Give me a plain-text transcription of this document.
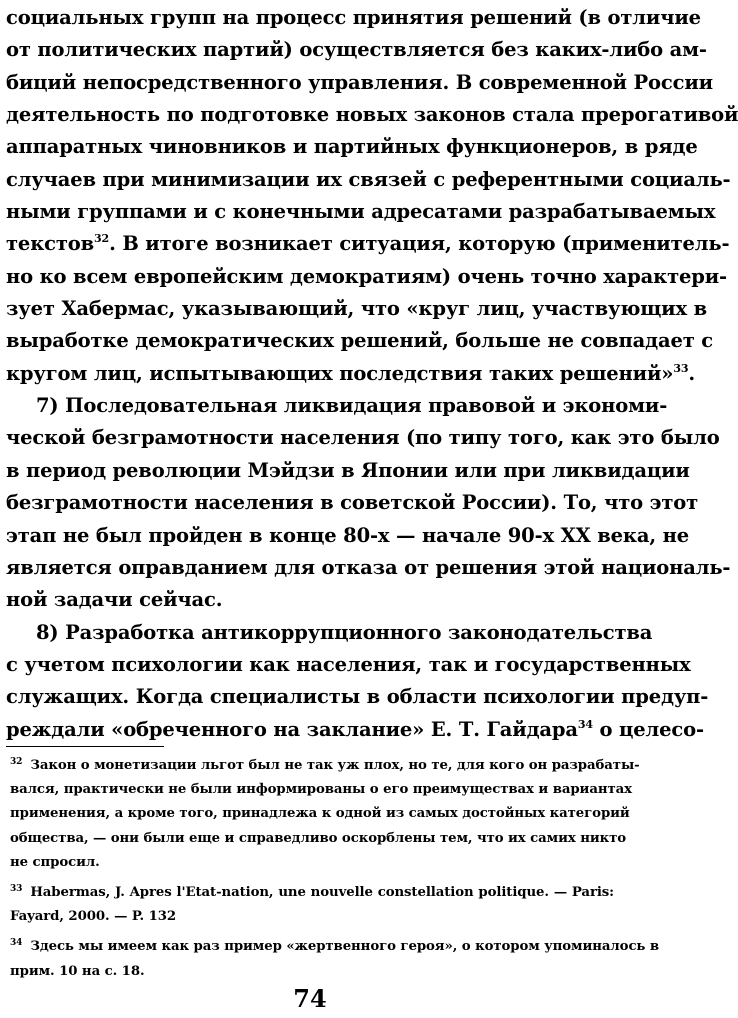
социальных групп на процесс принятия решений (в отличие
от политических партий) осуществляется без каких-либо ам-
биций непосредственного управления. В современной России
деятельность по подготовке новых законов стала прерогативой
аппаратных чиновников и партийных функционеров, в ряде
случаев при минимизации их связей с референтными социаль-
ными группами и с конечными адресатами разрабатываемых
текстов$^{32}$. В итоге возникает ситуация, которую (применитель-
но ко всем европейским демократиям) очень точно характери-
зует Хабермас, указывающий, что «круг лиц, участвующих в
выработке демократических решений, больше не совпадает с
кругом лиц, испытывающих последствия таких решений»$^{33}$.
7) Последовательная ликвидация правовой и экономи-
ческой безграмотности населения (по типу того, как это было
в период революции Мэйдзи в Японии или при ликвидации
безграмотности населения в советской России). То, что этот
этап не был пройден в конце 80-х — начале 90-х XX века, не
является оправданием для отказа от решения этой националь-
ной задачи сейчас.
8) Разработка антикоррупционного законодательства
с учетом психологии как населения, так и государственных
служащих. Когда специалисты в области психологии предуп-
реждали «обреченного на заклание» Е. Т. Гайдара$^{34}$ о целесо-
$^{32}$ Закон о монетизации льгот был не так уж плох, но те, для кого он разрабаты-
вался, практически не были информированы о его преимуществах и вариантах
применения, а кроме того, принадлежа к одной из самых достойных категорий
общества, — они были еще и справедливо оскорблены тем, что их самих никто
не спросил.
$^{33}$ Habermas, J. Apres l'Etat-nation, une nouvelle constellation politique. — Paris:
Fayard, 2000. — P. 132
$^{34}$ Здесь мы имеем как раз пример «жертвенного героя», о котором упоминалось в
прим. 10 на с. 18.
74
